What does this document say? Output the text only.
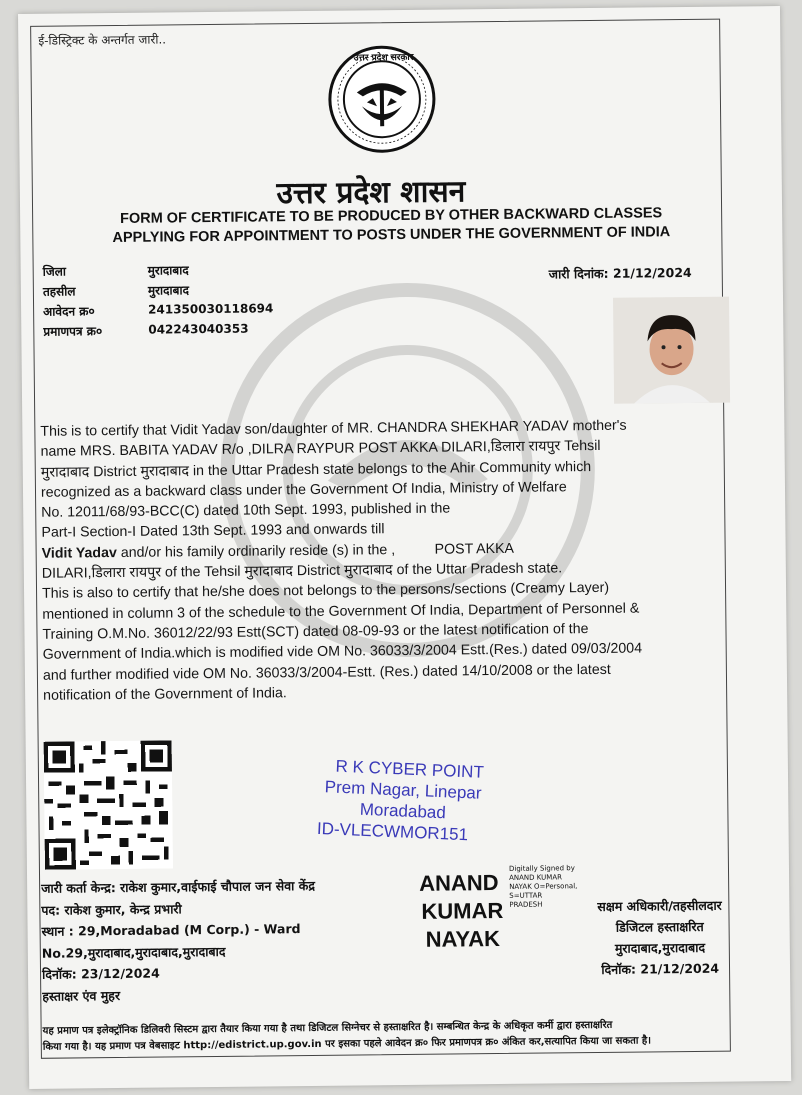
ई-डिस्ट्रिक्ट के अन्तर्गत जारी..
उत्तर प्रदेश सरकार
उत्तर प्रदेश शासन
FORM OF CERTIFICATE TO BE PRODUCED BY OTHER BACKWARD CLASSES
APPLYING FOR APPOINTMENT TO POSTS UNDER THE GOVERNMENT OF INDIA
जिला	मुरादाबाद
तहसील	मुरादाबाद
आवेदन क्र०	241350030118694
प्रमाणपत्र क्र०	042243040353
जारी दिनांक: 21/12/2024

This is to certify that Vidit Yadav son/daughter of MR. CHANDRA SHEKHAR YADAV mother's

name MRS. BABITA YADAV R/o ,DILRA RAYPUR POST AKKA DILARI,डिलारा रायपुर Tehsil

मुरादाबाद District मुरादाबाद in the Uttar Pradesh state belongs to the Ahir Community which

recognized as a backward class under the Government Of India, Ministry of Welfare

No. 12011/68/93-BCC(C) dated 10th Sept. 1993, published in the

Part-I Section-I Dated 13th Sept. 1993 and onwards till

Vidit Yadav and/or his family ordinarily reside (s) in the ,	POST AKKA

DILARI,डिलारा रायपुर of the Tehsil मुरादाबाद District मुरादाबाद of the Uttar Pradesh state.

This is also to certify that he/she does not belongs to the persons/sections (Creamy Layer)

mentioned in column 3 of the schedule to the Government Of India, Department of Personnel &

Training O.M.No. 36012/22/93 Estt(SCT) dated 08-09-93 or the latest notification of the

Government of India.which is modified vide OM No. 36033/3/2004 Estt.(Res.) dated 09/03/2004

and further modified vide OM No. 36033/3/2004-Estt. (Res.) dated 14/10/2008 or the latest

notification of the Government of India.

R K CYBER POINT
Prem Nagar, Linepar
Moradabad
ID-VLECWMOR151
जारी कर्ता केन्द्र: राकेश कुमार,वाईफाई चौपाल जन सेवा केंद्र
पद: राकेश कुमार, केन्द्र प्रभारी
स्थान : 29,Moradabad (M Corp.) - Ward
No.29,मुरादाबाद,मुरादाबाद,मुरादाबाद
दिनॉक: 23/12/2024
हस्ताक्षर एंव मुहर
ANAND
KUMAR
NAYAK
Digitally Signed by
ANAND KUMAR
NAYAK O=Personal,
S=UTTAR
PRADESH	सक्षम अधिकारी/तहसीलदार
डिजिटल हस्ताक्षरित
मुरादाबाद,मुरादाबाद
दिनॉक: 21/12/2024
यह प्रमाण पत्र इलेक्ट्रॉनिक डिलिवरी सिस्टम द्वारा तैयार किया गया है तथा डिजिटल सिग्नेचर से हस्ताक्षरित है। सम्बन्धित केन्द्र के अधिकृत कर्मी द्वारा हस्ताक्षरित
किया गया है। यह प्रमाण पत्र वेबसाइट http://edistrict.up.gov.in पर इसका पहले आवेदन क्र० फिर प्रमाणपत्र क्र० अंकित कर,सत्यापित किया जा सकता है।
